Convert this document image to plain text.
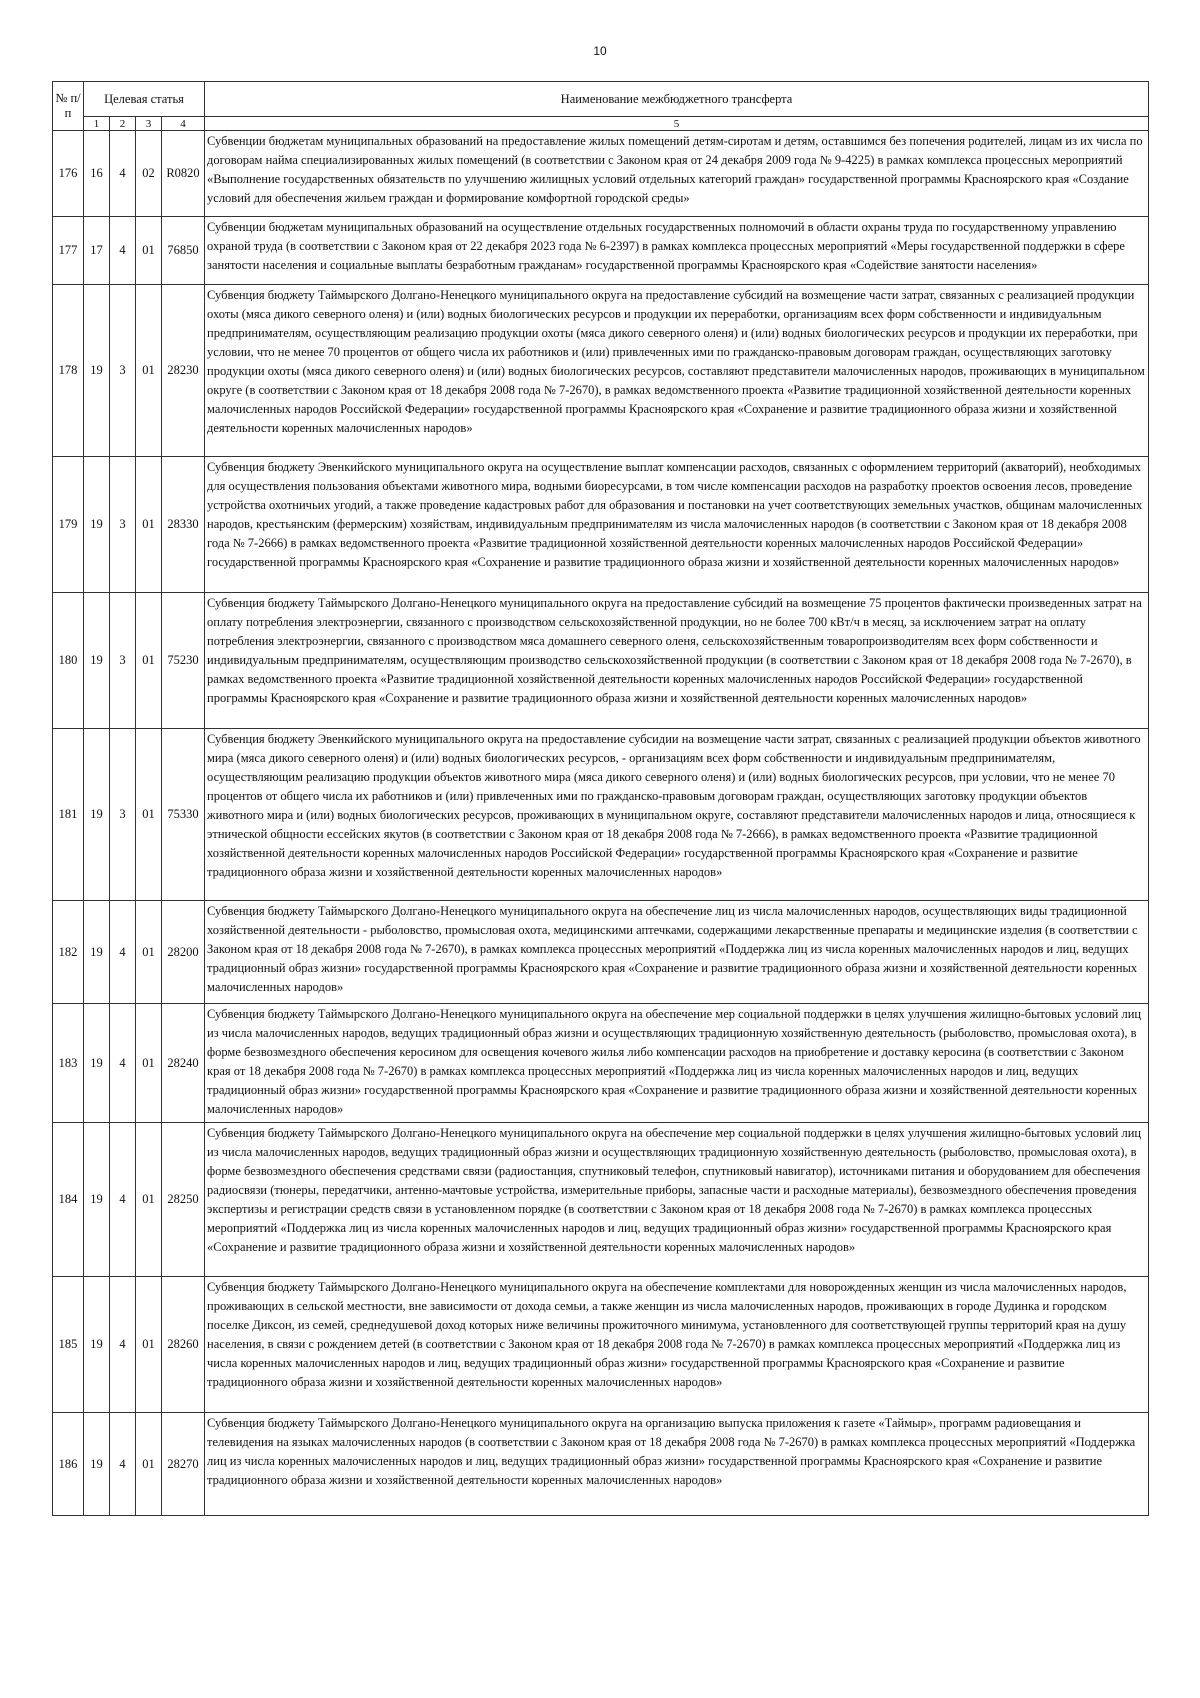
10
№ п/п	Целевая статья				Наименование межбюджетного трансферта
	1	2	3	4	5
176	16	4	02	R0820	Субвенции бюджетам муниципальных образований на предоставление жилых помещений детям-сиротам и детям, оставшимся без попечения родителей, лицам из их числа по договорам найма специализированных жилых помещений (в соответствии с Законом края от 24 декабря 2009 года № 9-4225) в рамках комплекса процессных мероприятий «Выполнение государственных обязательств по улучшению жилищных условий отдельных категорий граждан» государственной программы Красноярского края «Создание условий для обеспечения жильем граждан и формирование комфортной городской среды»
177	17	4	01	76850	Субвенции бюджетам муниципальных образований на осуществление отдельных государственных полномочий в области охраны труда по государственному управлению охраной труда (в соответствии с Законом края от 22 декабря 2023 года № 6-2397) в рамках комплекса процессных мероприятий «Меры государственной поддержки в сфере занятости населения и социальные выплаты безработным гражданам» государственной программы Красноярского края «Содействие занятости населения»
178	19	3	01	28230	Субвенция бюджету Таймырского Долгано-Ненецкого муниципального округа на предоставление субсидий на возмещение части затрат, связанных с реализацией продукции охоты (мяса дикого северного оленя) и (или) водных биологических ресурсов и продукции их переработки, организациям всех форм собственности и индивидуальным предпринимателям, осуществляющим реализацию продукции охоты (мяса дикого северного оленя) и (или) водных биологических ресурсов и продукции их переработки, при условии, что не менее 70 процентов от общего числа их работников и (или) привлеченных ими по гражданско-правовым договорам граждан, осуществляющих заготовку продукции охоты (мяса дикого северного оленя) и (или) водных биологических ресурсов, составляют представители малочисленных народов, проживающих в муниципальном округе (в соответствии с Законом края от 18 декабря 2008 года № 7-2670), в рамках ведомственного проекта «Развитие традиционной хозяйственной деятельности коренных малочисленных народов Российской Федерации» государственной программы Красноярского края «Сохранение и развитие традиционного образа жизни и хозяйственной деятельности коренных малочисленных народов»
179	19	3	01	28330	Субвенция бюджету Эвенкийского муниципального округа на осуществление выплат компенсации расходов, связанных с оформлением территорий (акваторий), необходимых для осуществления пользования объектами животного мира, водными биоресурсами, в том числе компенсации расходов на разработку проектов освоения лесов, проведение устройства охотничьих угодий, а также проведение кадастровых работ для образования и постановки на учет соответствующих земельных участков, общинам малочисленных народов, крестьянским (фермерским) хозяйствам, индивидуальным предпринимателям из числа малочисленных народов (в соответствии с Законом края от 18 декабря 2008 года № 7-2666) в рамках ведомственного проекта «Развитие традиционной хозяйственной деятельности коренных малочисленных народов Российской Федерации» государственной программы Красноярского края «Сохранение и развитие традиционного образа жизни и хозяйственной деятельности коренных малочисленных народов»
180	19	3	01	75230	Субвенция бюджету Таймырского Долгано-Ненецкого муниципального округа на предоставление субсидий на возмещение 75 процентов фактически произведенных затрат на оплату потребления электроэнергии, связанного с производством сельскохозяйственной продукции, но не более 700 кВт/ч в месяц, за исключением затрат на оплату потребления электроэнергии, связанного с производством мяса домашнего северного оленя, сельскохозяйственным товаропроизводителям всех форм собственности и индивидуальным предпринимателям, осуществляющим производство сельскохозяйственной продукции (в соответствии с Законом края от 18 декабря 2008 года № 7-2670), в рамках ведомственного проекта «Развитие традиционной хозяйственной деятельности коренных малочисленных народов Российской Федерации» государственной программы Красноярского края «Сохранение и развитие традиционного образа жизни и хозяйственной деятельности коренных малочисленных народов»
181	19	3	01	75330	Субвенция бюджету Эвенкийского муниципального округа на предоставление субсидии на возмещение части затрат, связанных с реализацией продукции объектов животного мира (мяса дикого северного оленя) и (или) водных биологических ресурсов, - организациям всех форм собственности и индивидуальным предпринимателям, осуществляющим реализацию продукции объектов животного мира (мяса дикого северного оленя) и (или) водных биологических ресурсов, при условии, что не менее 70 процентов от общего числа их работников и (или) привлеченных ими по гражданско-правовым договорам граждан, осуществляющих заготовку продукции объектов животного мира и (или) водных биологических ресурсов, проживающих в муниципальном округе, составляют представители малочисленных народов и лица, относящиеся к этнической общности ессейских якутов (в соответствии с Законом края от 18 декабря 2008 года № 7-2666), в рамках ведомственного проекта «Развитие традиционной хозяйственной деятельности коренных малочисленных народов Российской Федерации» государственной программы Красноярского края «Сохранение и развитие традиционного образа жизни и хозяйственной деятельности коренных малочисленных народов»
182	19	4	01	28200	Субвенция бюджету Таймырского Долгано-Ненецкого муниципального округа на обеспечение лиц из числа малочисленных народов, осуществляющих виды традиционной хозяйственной деятельности - рыболовство, промысловая охота, медицинскими аптечками, содержащими лекарственные препараты и медицинские изделия (в соответствии с Законом края от 18 декабря 2008 года № 7-2670), в рамках комплекса процессных мероприятий «Поддержка лиц из числа коренных малочисленных народов и лиц, ведущих традиционный образ жизни» государственной программы Красноярского края «Сохранение и развитие традиционного образа жизни и хозяйственной деятельности коренных малочисленных народов»
183	19	4	01	28240	Субвенция бюджету Таймырского Долгано-Ненецкого муниципального округа на обеспечение мер социальной поддержки в целях улучшения жилищно-бытовых условий лиц из числа малочисленных народов, ведущих традиционный образ жизни и осуществляющих традиционную хозяйственную деятельность (рыболовство, промысловая охота), в форме безвозмездного обеспечения керосином для освещения кочевого жилья либо компенсации расходов на приобретение и доставку керосина (в соответствии с Законом края от 18 декабря 2008 года № 7-2670) в рамках комплекса процессных мероприятий «Поддержка лиц из числа коренных малочисленных народов и лиц, ведущих традиционный образ жизни» государственной программы Красноярского края «Сохранение и развитие традиционного образа жизни и хозяйственной деятельности коренных малочисленных народов»
184	19	4	01	28250	Субвенция бюджету Таймырского Долгано-Ненецкого муниципального округа на обеспечение мер социальной поддержки в целях улучшения жилищно-бытовых условий лиц из числа малочисленных народов, ведущих традиционный образ жизни и осуществляющих традиционную хозяйственную деятельность (рыболовство, промысловая охота), в форме безвозмездного обеспечения средствами связи (радиостанция, спутниковый телефон, спутниковый навигатор), источниками питания и оборудованием для обеспечения радиосвязи (тюнеры, передатчики, антенно-мачтовые устройства, измерительные приборы, запасные части и расходные материалы), безвозмездного обеспечения проведения экспертизы и регистрации средств связи в установленном порядке (в соответствии с Законом края от 18 декабря 2008 года № 7-2670) в рамках комплекса процессных мероприятий «Поддержка лиц из числа коренных малочисленных народов и лиц, ведущих традиционный образ жизни» государственной программы Красноярского края «Сохранение и развитие традиционного образа жизни и хозяйственной деятельности коренных малочисленных народов»
185	19	4	01	28260	Субвенция бюджету Таймырского Долгано-Ненецкого муниципального округа на обеспечение комплектами для новорожденных женщин из числа малочисленных народов, проживающих в сельской местности, вне зависимости от дохода семьи, а также женщин из числа малочисленных народов, проживающих в городе Дудинка и городском поселке Диксон, из семей, среднедушевой доход которых ниже величины прожиточного минимума, установленного для соответствующей группы территорий края на душу населения, в связи с рождением детей (в соответствии с Законом края от 18 декабря 2008 года № 7-2670) в рамках комплекса процессных мероприятий «Поддержка лиц из числа коренных малочисленных народов и лиц, ведущих традиционный образ жизни» государственной программы Красноярского края «Сохранение и развитие традиционного образа жизни и хозяйственной деятельности коренных малочисленных народов»
186	19	4	01	28270	Субвенция бюджету Таймырского Долгано-Ненецкого муниципального округа на организацию выпуска приложения к газете «Таймыр», программ радиовещания и телевидения на языках малочисленных народов (в соответствии с Законом края от 18 декабря 2008 года № 7-2670) в рамках комплекса процессных мероприятий «Поддержка лиц из числа коренных малочисленных народов и лиц, ведущих традиционный образ жизни» государственной программы Красноярского края «Сохранение и развитие традиционного образа жизни и хозяйственной деятельности коренных малочисленных народов»
